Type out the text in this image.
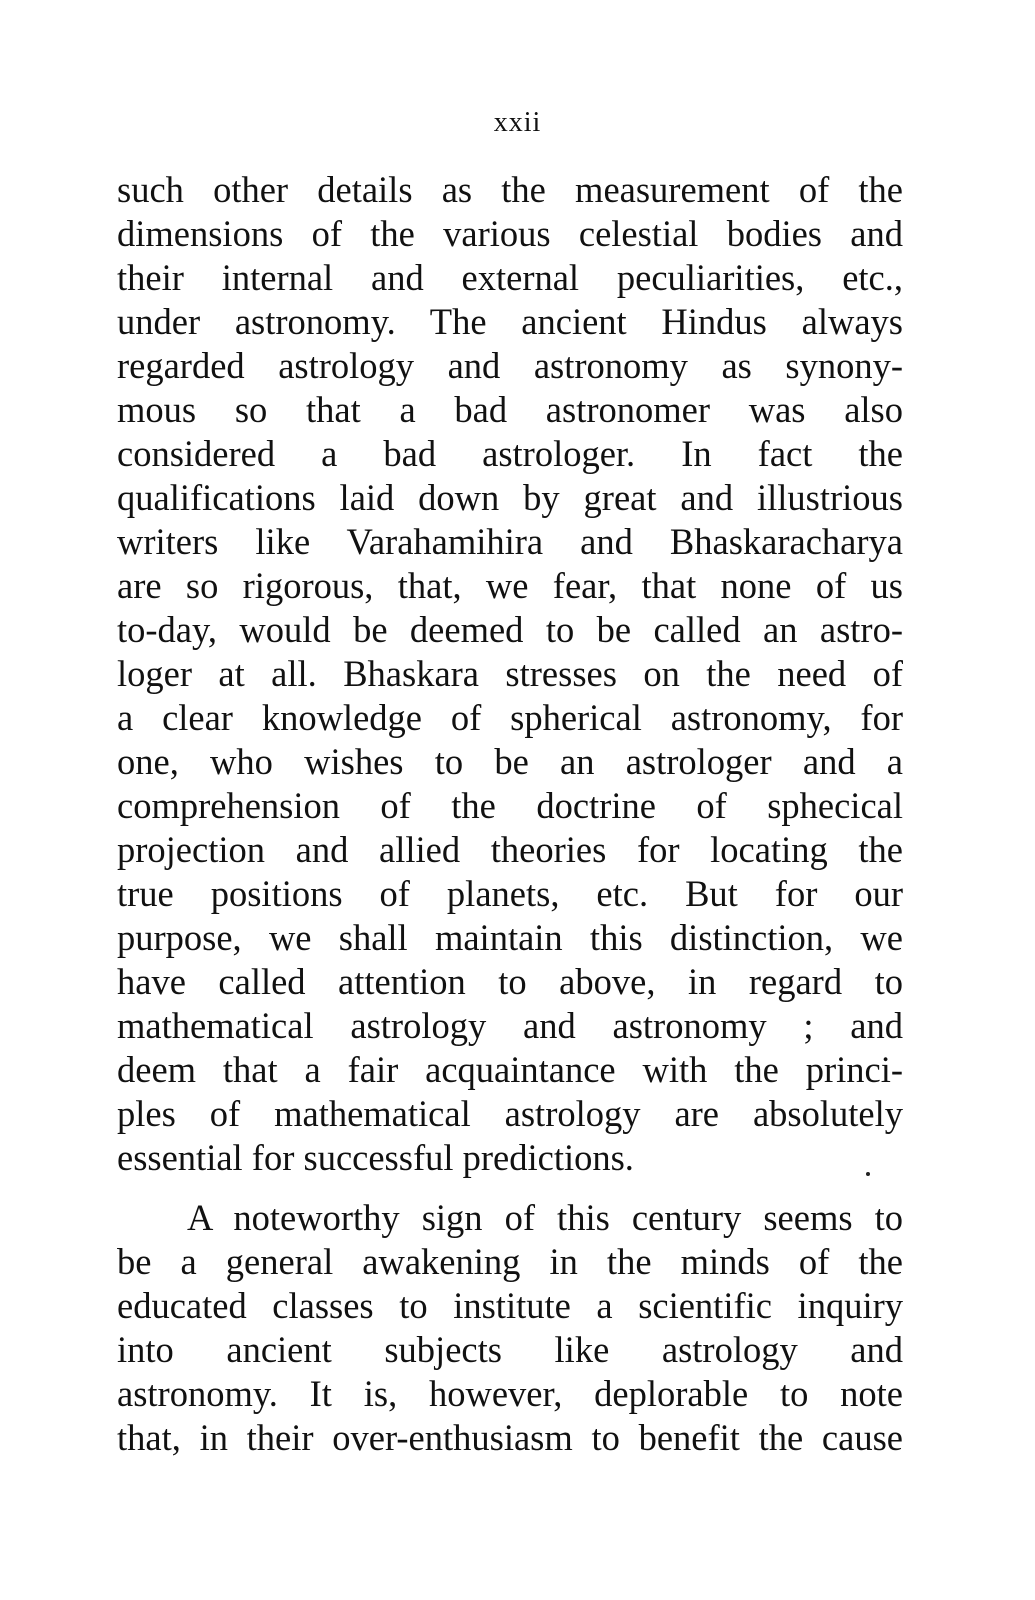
xxii
such other details as the measurement of the
dimensions of the various celestial bodies and
their internal and external peculiarities, etc.,
under astronomy. The ancient Hindus always
regarded astrology and astronomy as synony-
mous so that a bad astronomer was also
considered a bad astrologer. In fact the
qualifications laid down by great and illustrious
writers like Varahamihira and Bhaskaracharya
are so rigorous, that, we fear, that none of us
to-day, would be deemed to be called an astro-
loger at all. Bhaskara stresses on the need of
a clear knowledge of spherical astronomy, for
one, who wishes to be an astrologer and a
comprehension of the doctrine of sphecical
projection and allied theories for locating the
true positions of planets, etc. But for our
purpose, we shall maintain this distinction, we
have called attention to above, in regard to
mathematical astrology and astronomy ; and
deem that a fair acquaintance with the princi-
ples of mathematical astrology are absolutely
essential for successful predictions.
A noteworthy sign of this century seems to
be a general awakening in the minds of the
educated classes to institute a scientific inquiry
into ancient subjects like astrology and
astronomy. It is, however, deplorable to note
that, in their over-enthusiasm to benefit the cause
